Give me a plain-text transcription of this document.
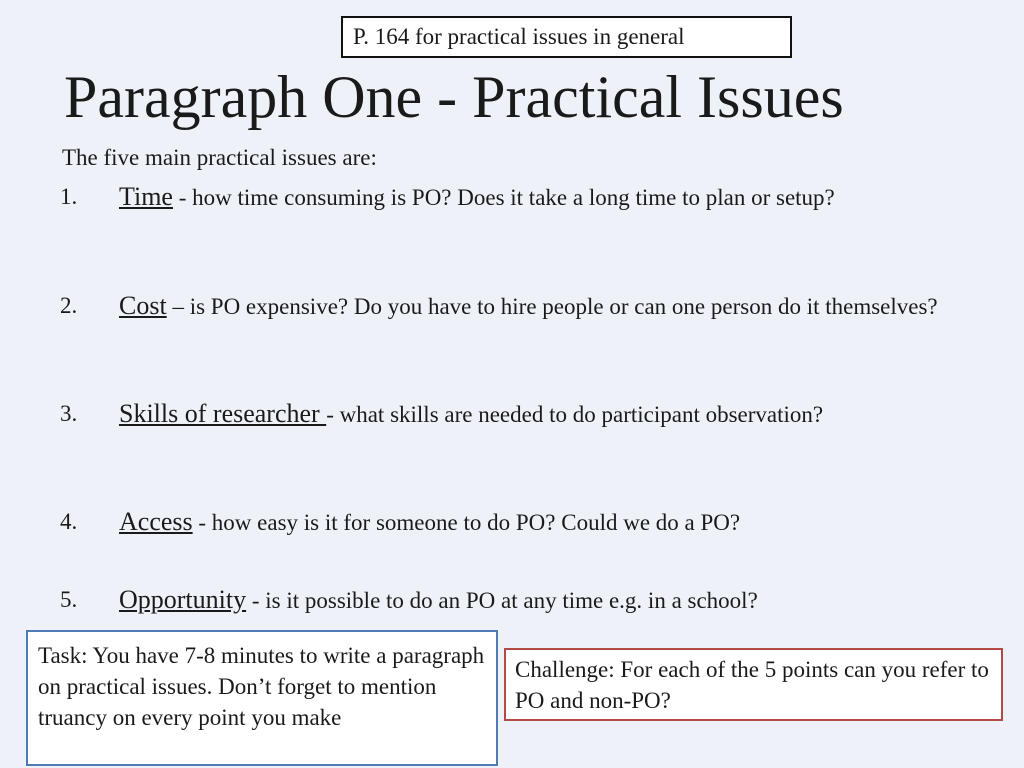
P. 164 for practical issues in general
Paragraph One - Practical Issues
The five main practical issues are:
1. Time - how time consuming is PO? Does it take a long time to plan or setup?
2. Cost – is PO expensive? Do you have to hire people or can one person do it themselves?
3. Skills of researcher - what skills are needed to do participant observation?
4. Access - how easy is it for someone to do PO? Could we do a PO?
5. Opportunity - is it possible to do an PO at any time e.g. in a school?
Task: You have 7-8 minutes to write a paragraph on practical issues. Don’t forget to mention truancy on every point you make
Challenge: For each of the 5 points can you refer to PO and non-PO?
